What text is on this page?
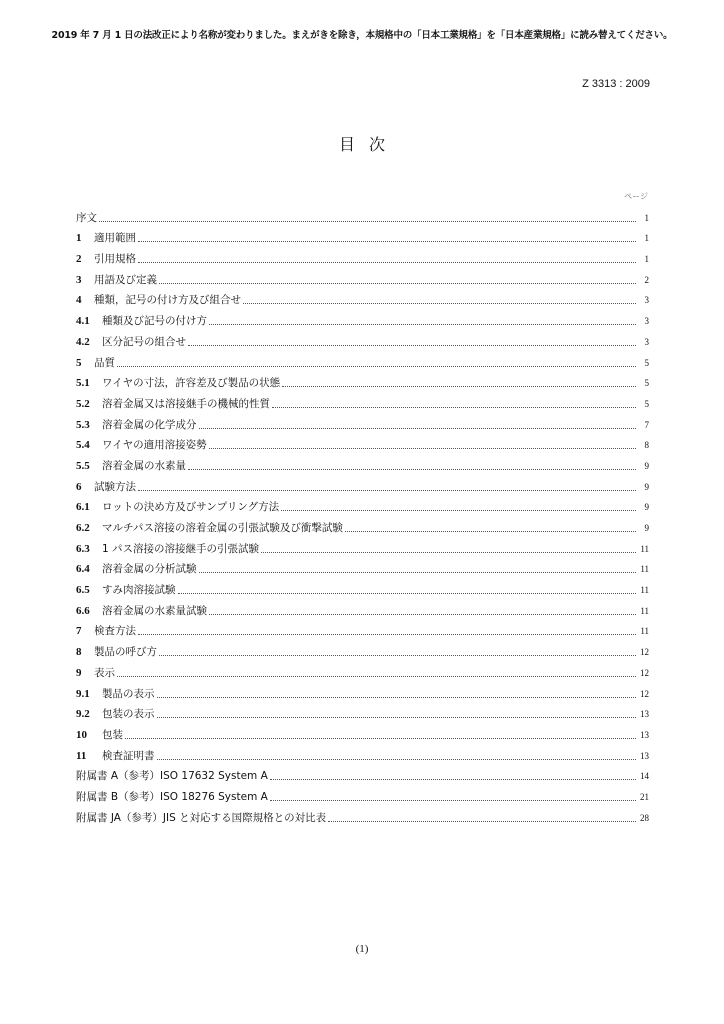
2019 年 7 月 1 日の法改正により名称が変わりました。まえがきを除き，本規格中の「日本工業規格」を「日本産業規格」に読み替えてください。
Z 3313 : 2009
目次
ページ
序文	1
1	適用範囲	1
2	引用規格	1
3	用語及び定義	2
4	種類，記号の付け方及び組合せ	3
4.1	種類及び記号の付け方	3
4.2	区分記号の組合せ	3
5	品質	5
5.1	ワイヤの寸法，許容差及び製品の状態	5
5.2	溶着金属又は溶接継手の機械的性質	5
5.3	溶着金属の化学成分	7
5.4	ワイヤの適用溶接姿勢	8
5.5	溶着金属の水素量	9
6	試験方法	9
6.1	ロットの決め方及びサンプリング方法	9
6.2	マルチパス溶接の溶着金属の引張試験及び衝撃試験	9
6.3	1 パス溶接の溶接継手の引張試験	11
6.4	溶着金属の分析試験	11
6.5	すみ肉溶接試験	11
6.6	溶着金属の水素量試験	11
7	検査方法	11
8	製品の呼び方	12
9	表示	12
9.1	製品の表示	12
9.2	包装の表示	13
10	包装	13
11	検査証明書	13
附属書 A（参考）ISO 17632 System A	14
附属書 B（参考）ISO 18276 System A	21
附属書 JA（参考）JIS と対応する国際規格との対比表	28
(1)
